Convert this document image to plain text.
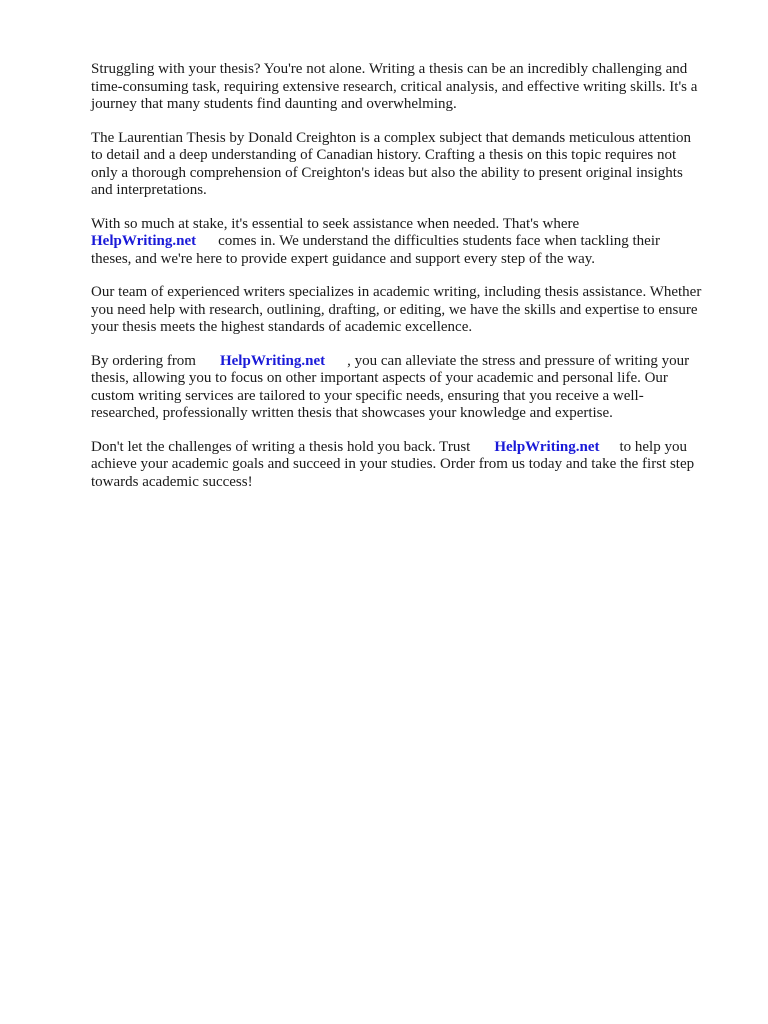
Struggling with your thesis? You're not alone. Writing a thesis can be an incredibly challenging and
time-consuming task, requiring extensive research, critical analysis, and effective writing skills. It's a
journey that many students find daunting and overwhelming.
The Laurentian Thesis by Donald Creighton is a complex subject that demands meticulous attention
to detail and a deep understanding of Canadian history. Crafting a thesis on this topic requires not
only a thorough comprehension of Creighton's ideas but also the ability to present original insights
and interpretations.
With so much at stake, it's essential to seek assistance when needed. That's where
HelpWriting.net comes in. We understand the difficulties students face when tackling their
theses, and we're here to provide expert guidance and support every step of the way.
Our team of experienced writers specializes in academic writing, including thesis assistance. Whether
you need help with research, outlining, drafting, or editing, we have the skills and expertise to ensure
your thesis meets the highest standards of academic excellence.
By ordering from HelpWriting.net , you can alleviate the stress and pressure of writing your
thesis, allowing you to focus on other important aspects of your academic and personal life. Our
custom writing services are tailored to your specific needs, ensuring that you receive a well-
researched, professionally written thesis that showcases your knowledge and expertise.
Don't let the challenges of writing a thesis hold you back. Trust HelpWriting.net to help you
achieve your academic goals and succeed in your studies. Order from us today and take the first step
towards academic success!
